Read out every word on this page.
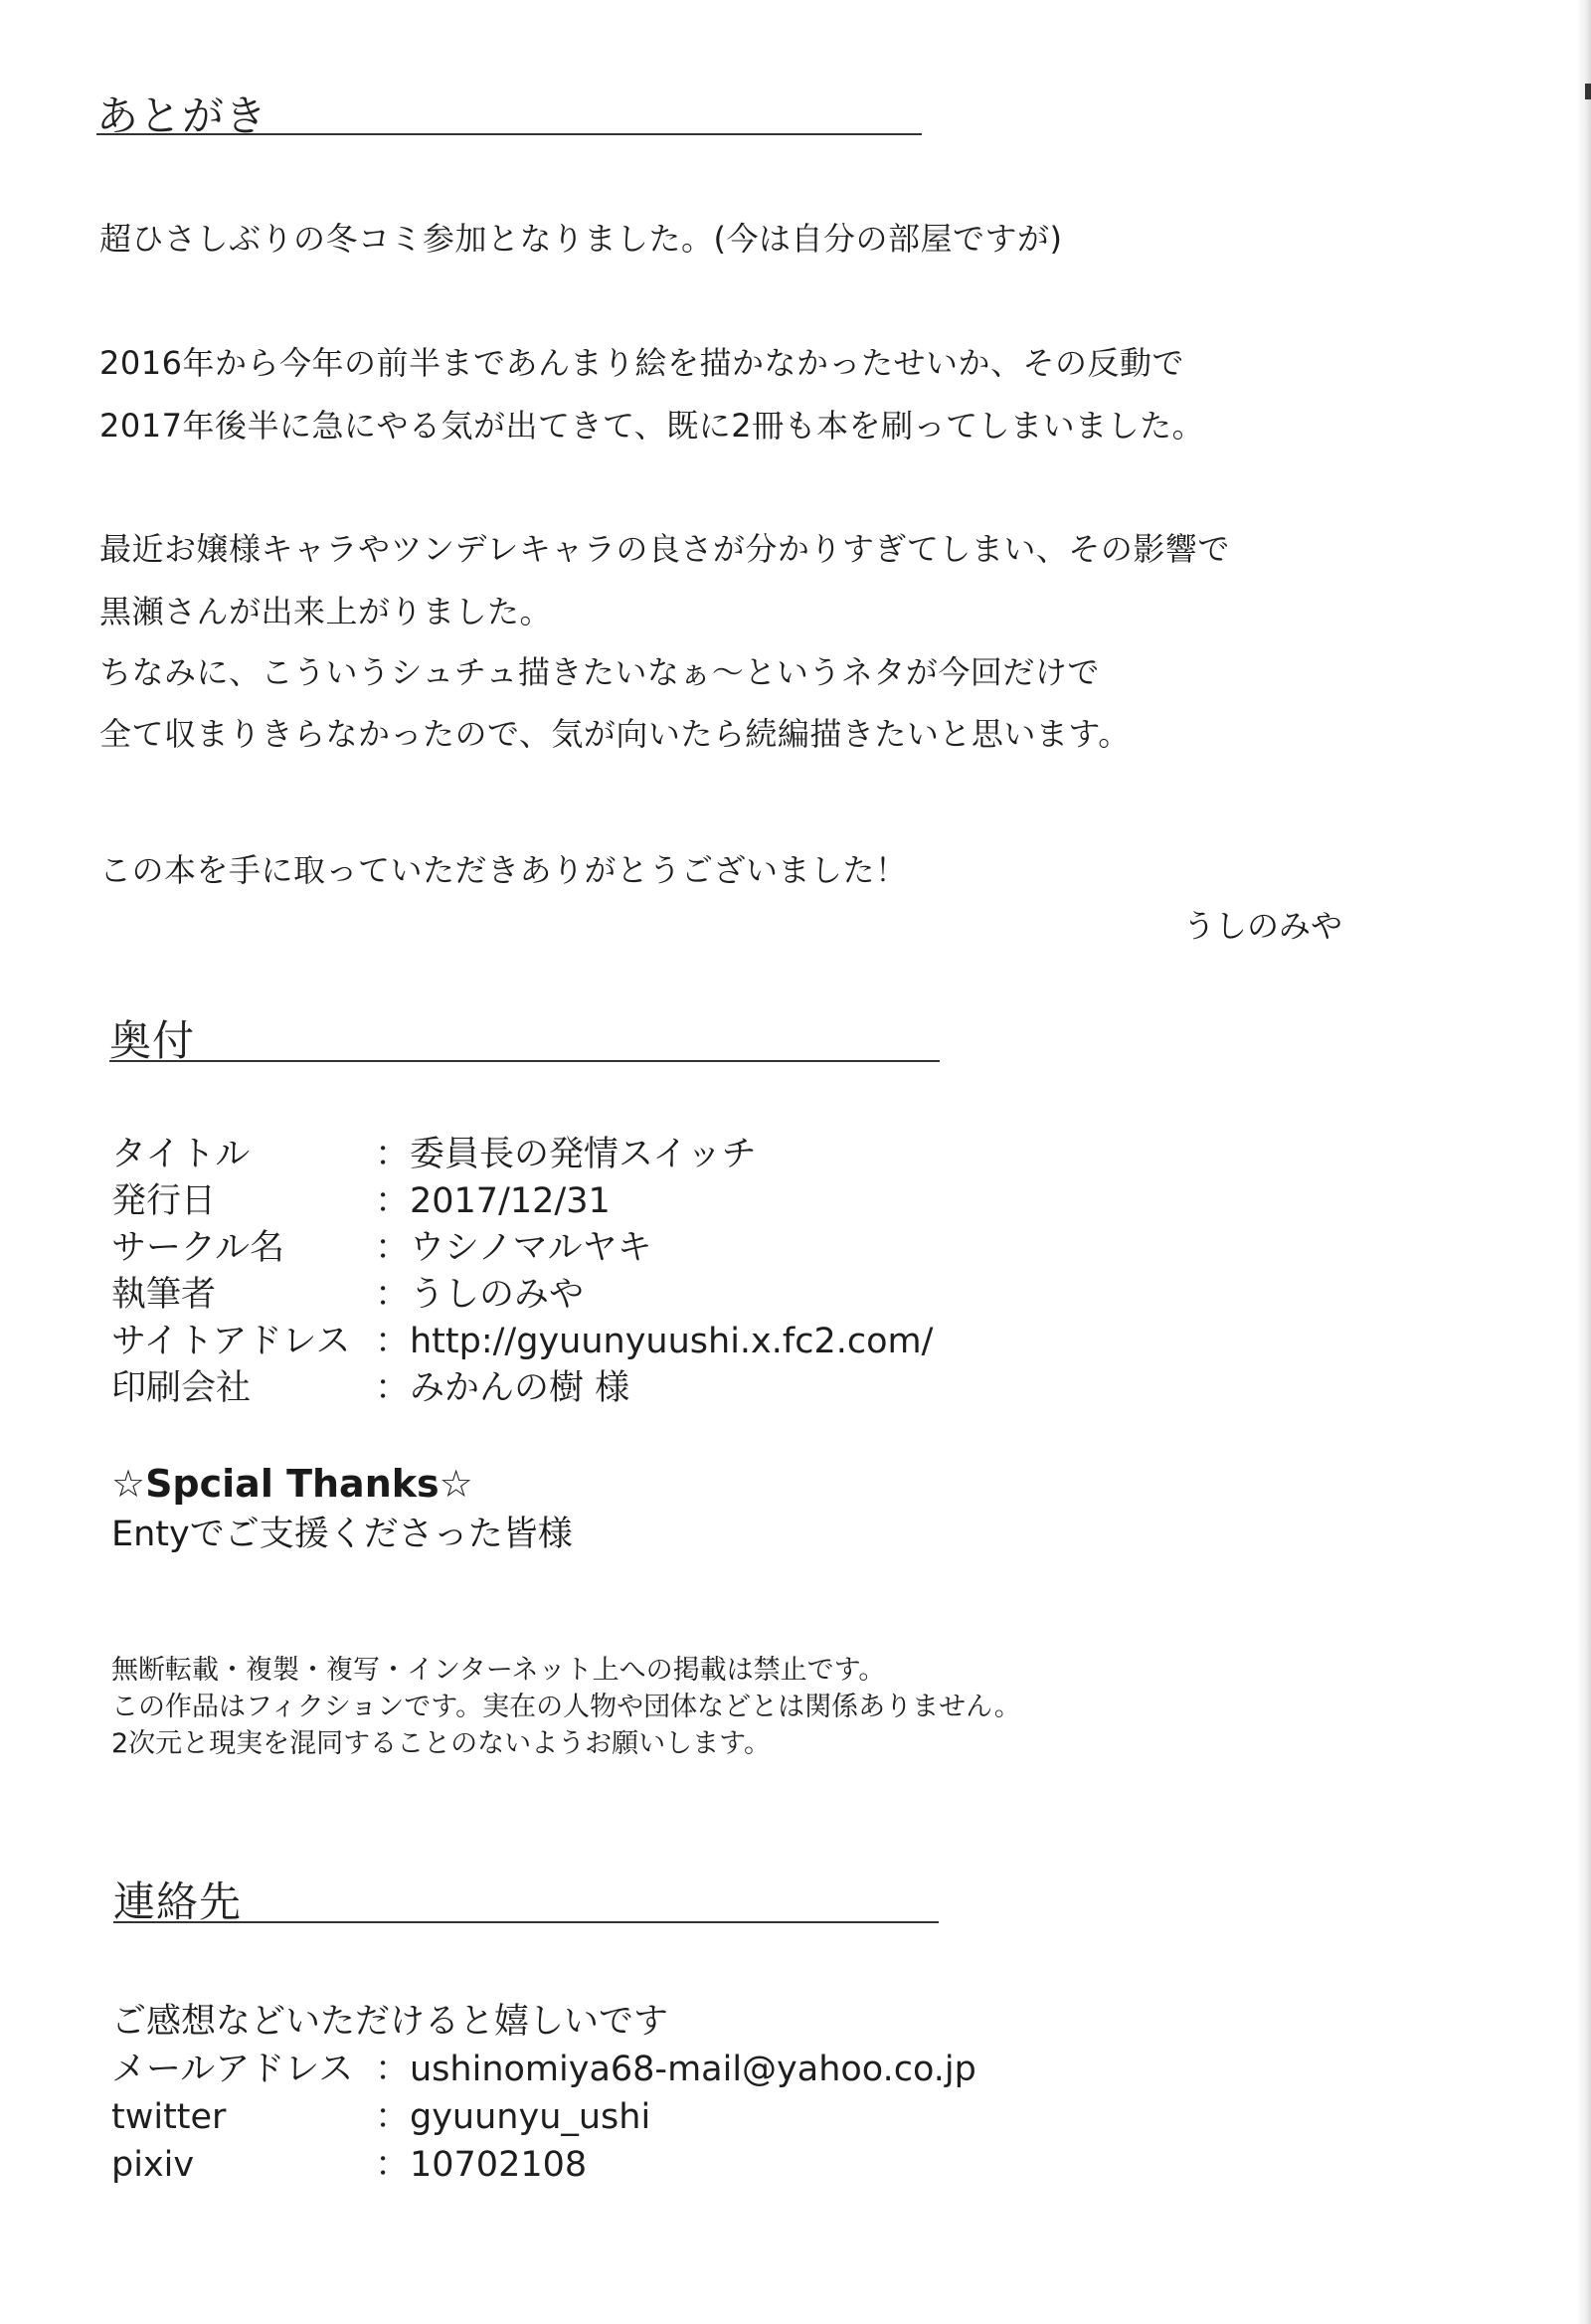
あとがき
超ひさしぶりの冬コミ参加となりました。(今は自分の部屋ですが)
2016年から今年の前半まであんまり絵を描かなかったせいか、その反動で
2017年後半に急にやる気が出てきて、既に2冊も本を刷ってしまいました。
最近お嬢様キャラやツンデレキャラの良さが分かりすぎてしまい、その影響で
黒瀬さんが出来上がりました。
ちなみに、こういうシュチュ描きたいなぁ～というネタが今回だけで
全て収まりきらなかったので、気が向いたら続編描きたいと思います。
この本を手に取っていただきありがとうございました！
うしのみや
奥付
タイトル	：委員長の発情スイッチ
発行日	：2017/12/31
サークル名	：ウシノマルヤキ
執筆者	：うしのみや
サイトアドレス ：http://gyuunyuushi.x.fc2.com/
印刷会社	：みかんの樹 様
☆Spcial Thanks☆
Entyでご支援くださった皆様
無断転載・複製・複写・インターネット上への掲載は禁止です。
この作品はフィクションです。実在の人物や団体などとは関係ありません。
2次元と現実を混同することのないようお願いします。
連絡先
ご感想などいただけると嬉しいです
メールアドレス ：ushinomiya68-mail@yahoo.co.jp
twitter	：gyuunyu_ushi
pixiv	：10702108
